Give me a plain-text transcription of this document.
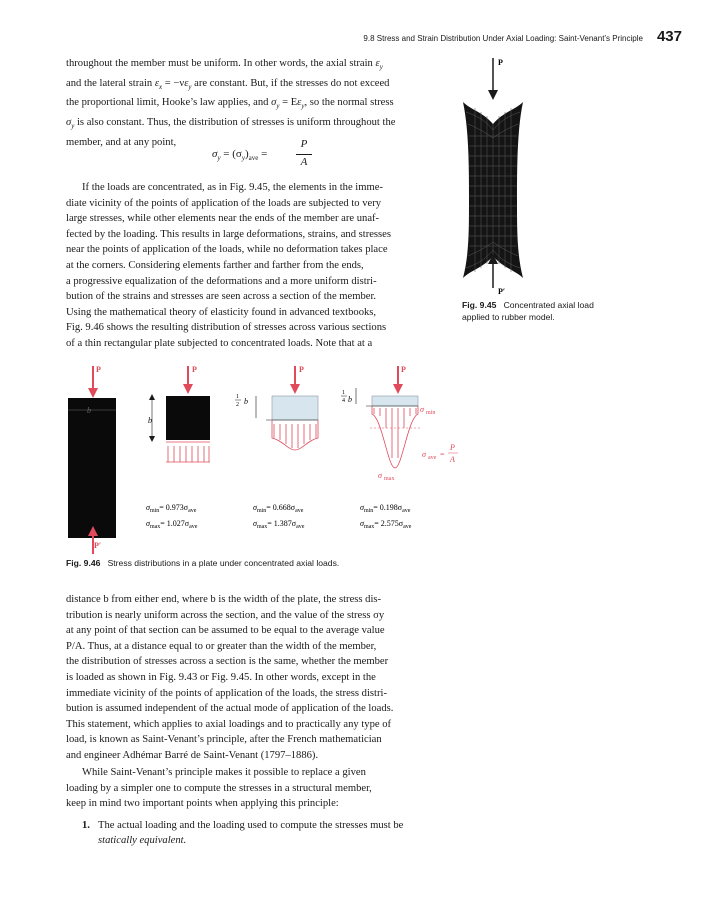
9.8 Stress and Strain Distribution Under Axial Loading: Saint-Venant’s Principle 437
throughout the member must be uniform. In other words, the axial strain $\varepsilon_y$
and the lateral strain $\varepsilon_x = -\nu\varepsilon_y$ are constant. But, if the stresses do not exceed
the proportional limit, Hooke’s law applies, and $\sigma_y = E\varepsilon_y$, so the normal stress
$\sigma_y$ is also constant. Thus, the distribution of stresses is uniform throughout the
member, and at any point,
$\sigma_y = (\sigma_y)_{ave}$ =
P
A
If the loads are concentrated, as in Fig. 9.45, the elements in the imme-
diate vicinity of the points of application of the loads are subjected to very
large stresses, while other elements near the ends of the member are unaf-
fected by the loading. This results in large deformations, strains, and stresses
near the points of application of the loads, while no deformation takes place
at the corners. Considering elements farther and farther from the ends,
a progressive equalization of the deformations and a more uniform distri-
bution of the strains and stresses are seen across a section of the member.
Using the mathematical theory of elasticity found in advanced textbooks,
Fig. 9.46 shows the resulting distribution of stresses across various sections
of a thin rectangular plate subjected to concentrated loads. Note that at a
P
P′
Fig. 9.45 Concentrated axial load
applied to rubber model.
P
b
P′
P
b
P
1
2 b
P
1
4 b
σ min
σ ave =
P
A
σ max
$\sigma_{min}= 0.973\sigma_{ave}$
$\sigma_{max}= 1.027\sigma_{ave}$
$\sigma_{min}= 0.668\sigma_{ave}$
$\sigma_{max}= 1.387\sigma_{ave}$
$\sigma_{min}= 0.198\sigma_{ave}$
$\sigma_{max}= 2.575\sigma_{ave}$
Fig. 9.46 Stress distributions in a plate under concentrated axial loads.
distance b from either end, where b is the width of the plate, the stress dis-
tribution is nearly uniform across the section, and the value of the stress σy
at any point of that section can be assumed to be equal to the average value
P/A. Thus, at a distance equal to or greater than the width of the member,
the distribution of stresses across a section is the same, whether the member
is loaded as shown in Fig. 9.43 or Fig. 9.45. In other words, except in the
immediate vicinity of the points of application of the loads, the stress distri-
bution is assumed independent of the actual mode of application of the loads.
This statement, which applies to axial loadings and to practically any type of
load, is known as Saint-Venant’s principle, after the French mathematician
and engineer Adhémar Barré de Saint-Venant (1797–1886).
While Saint-Venant’s principle makes it possible to replace a given
loading by a simpler one to compute the stresses in a structural member,
keep in mind two important points when applying this principle:
1. The actual loading and the loading used to compute the stresses must be
statically equivalent.
